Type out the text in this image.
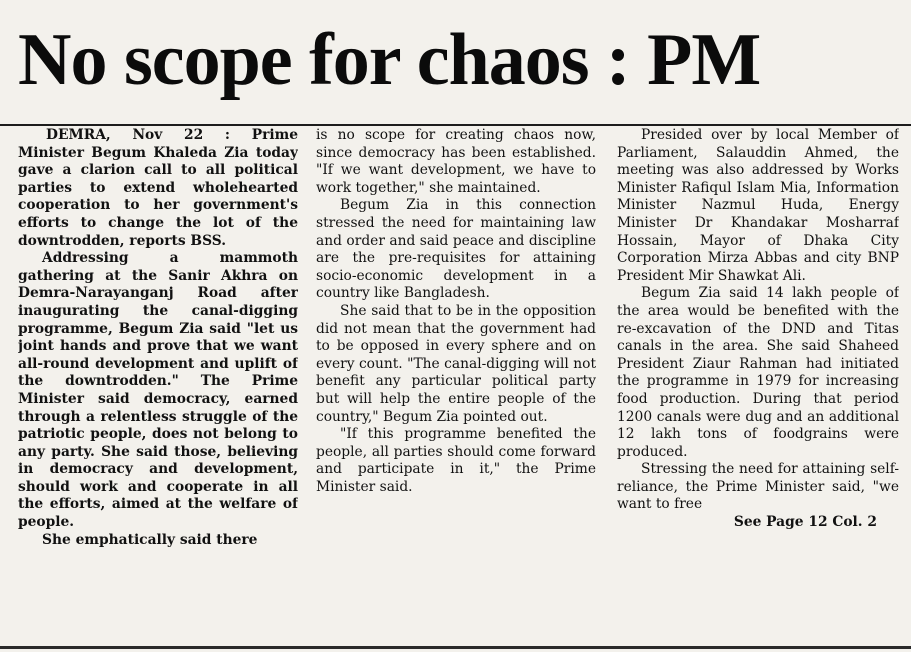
No scope for chaos : PM

DEMRA, Nov 22 : Prime Minister Begum Khaleda Zia today gave a clarion call to all political parties to extend wholehearted cooperation to her government's efforts to change the lot of the downtrodden, reports BSS.

Addressing a mammoth gathering at the Sanir Akhra on Demra-Narayanganj Road after inaugurating the canal-digging programme, Begum Zia said "let us joint hands and prove that we want all-round development and uplift of the downtrodden." The Prime Minister said democracy, earned through a relentless struggle of the patriotic people, does not belong to any party. She said those, believing in democracy and development, should work and cooperate in all the efforts, aimed at the welfare of people.

She emphatically said there

is no scope for creating chaos now, since democracy has been established. "If we want development, we have to work together," she maintained.

Begum Zia in this connection stressed the need for maintaining law and order and said peace and discipline are the pre-requisites for attaining socio-economic development in a country like Bangladesh.

She said that to be in the opposition did not mean that the government had to be opposed in every sphere and on every count. "The canal-digging will not benefit any particular political party but will help the entire people of the country," Begum Zia pointed out.

"If this programme benefited the people, all parties should come forward and participate in it," the Prime Minister said.

Presided over by local Member of Parliament, Salauddin Ahmed, the meeting was also addressed by Works Minister Rafiqul Islam Mia, Information Minister Nazmul Huda, Energy Minister Dr Khandakar Mosharraf Hossain, Mayor of Dhaka City Corporation Mirza Abbas and city BNP President Mir Shawkat Ali.

Begum Zia said 14 lakh people of the area would be benefited with the re-excavation of the DND and Titas canals in the area. She said Shaheed President Ziaur Rahman had initiated the programme in 1979 for increasing food production. During that period 1200 canals were dug and an additional 12 lakh tons of foodgrains were produced.

Stressing the need for attaining self-reliance, the Prime Minister said, "we want to free

See Page 12 Col. 2
